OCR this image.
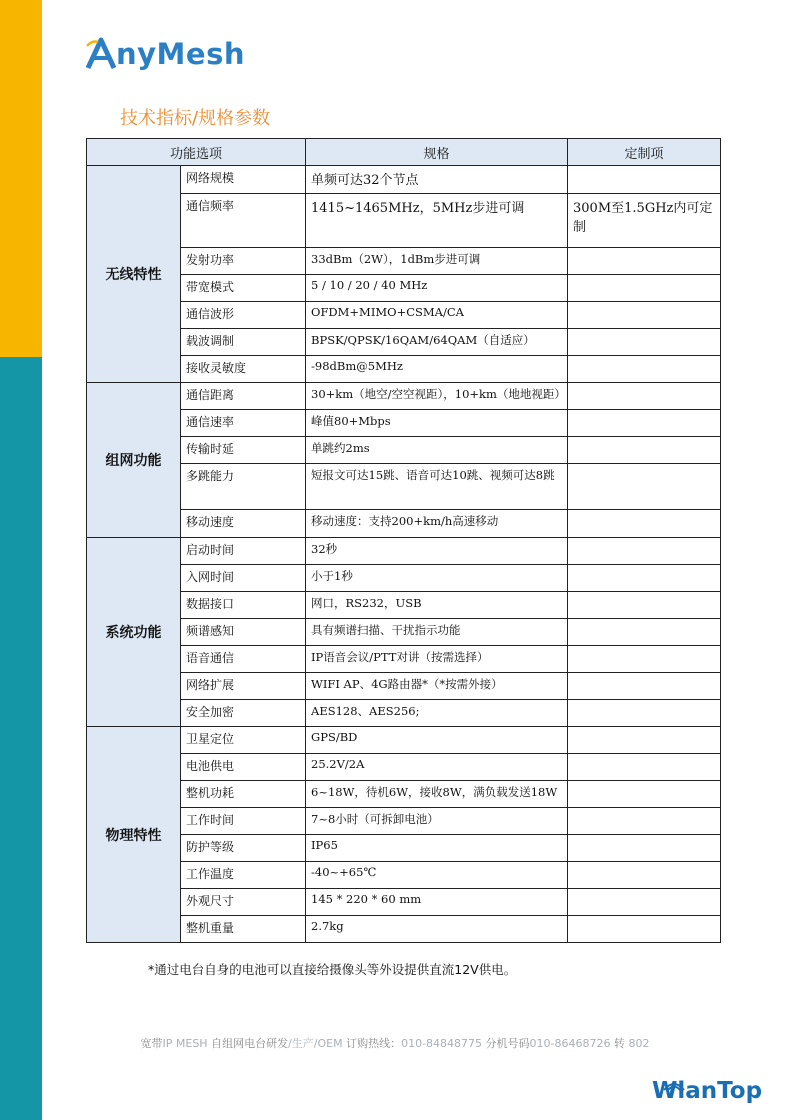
nyMesh
技术指标/规格参数
功能选项		规格	定制项
无线特性	网络规模	单频可达32个节点	
	通信频率	1415~1465MHz，5MHz步进可调	300M至1.5GHz内可定制
	发射功率	33dBm（2W），1dBm步进可调	
	带宽模式	5 / 10 / 20 / 40 MHz	
	通信波形	OFDM+MIMO+CSMA/CA	
	载波调制	BPSK/QPSK/16QAM/64QAM（自适应）	
	接收灵敏度	-98dBm@5MHz	
组网功能	通信距离	30+km（地空/空空视距），10+km（地地视距）	
	通信速率	峰值80+Mbps	
	传输时延	单跳约2ms	
	多跳能力	短报文可达15跳、语音可达10跳、视频可达8跳	
	移动速度	移动速度：支持200+km/h高速移动	
系统功能	启动时间	32秒	
	入网时间	小于1秒	
	数据接口	网口，RS232，USB	
	频谱感知	具有频谱扫描、干扰指示功能	
	语音通信	IP语音会议/PTT对讲（按需选择）	
	网络扩展	WIFI AP、4G路由器*（*按需外接）	
	安全加密	AES128、AES256;	
物理特性	卫星定位	GPS/BD	
	电池供电	25.2V/2A	
	整机功耗	6~18W，待机6W，接收8W，满负载发送18W	
	工作时间	7~8小时（可拆卸电池）	
	防护等级	IP65	
	工作温度	-40~+65℃	
	外观尺寸	145 * 220 * 60 mm	
	整机重量	2.7kg	
*通过电台自身的电池可以直接给摄像头等外设提供直流12V供电。
宽带IP MESH 自组网电台研发/生产/OEM 订购热线：010-84848775 分机号码010-86468726 转 802
WlanTop
